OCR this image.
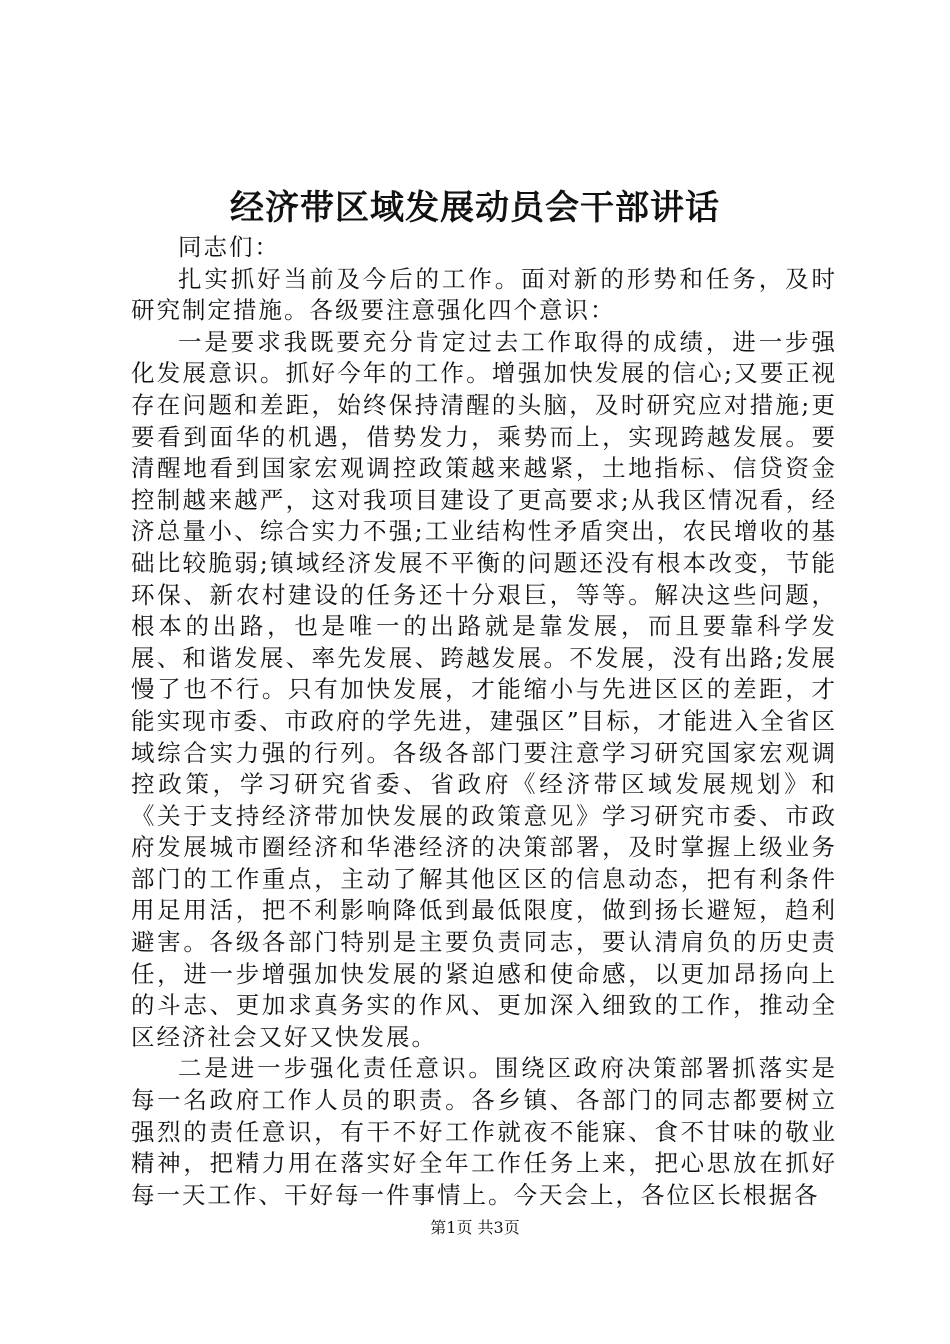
经济带区域发展动员会干部讲话

同志们：

扎实抓好当前及今后的工作。面对新的形势和任务，及时研究制定措施。各级要注意强化四个意识：

一是要求我既要充分肯定过去工作取得的成绩，进一步强化发展意识。抓好今年的工作。增强加快发展的信心;又要正视存在问题和差距，始终保持清醒的头脑，及时研究应对措施;更要看到面华的机遇，借势发力，乘势而上，实现跨越发展。要清醒地看到国家宏观调控政策越来越紧，土地指标、信贷资金控制越来越严，这对我项目建设了更高要求;从我区情况看，经济总量小、综合实力不强;工业结构性矛盾突出，农民增收的基础比较脆弱;镇域经济发展不平衡的问题还没有根本改变，节能环保、新农村建设的任务还十分艰巨，等等。解决这些问题，根本的出路，也是唯一的出路就是靠发展，而且要靠科学发展、和谐发展、率先发展、跨越发展。不发展，没有出路;发展慢了也不行。只有加快发展，才能缩小与先进区区的差距，才能实现市委、市政府的学先进，建强区”目标，才能进入全省区域综合实力强的行列。各级各部门要注意学习研究国家宏观调控政策，学习研究省委、省政府《经济带区域发展规划》和《关于支持经济带加快发展的政策意见》学习研究市委、市政府发展城市圈经济和华港经济的决策部署，及时掌握上级业务部门的工作重点，主动了解其他区区的信息动态，把有利条件用足用活，把不利影响降低到最低限度，做到扬长避短，趋利避害。各级各部门特别是主要负责同志，要认清肩负的历史责任，进一步增强加快发展的紧迫感和使命感，以更加昂扬向上的斗志、更加求真务实的作风、更加深入细致的工作，推动全区经济社会又好又快发展。

二是进一步强化责任意识。围绕区政府决策部署抓落实是每一名政府工作人员的职责。各乡镇、各部门的同志都要树立强烈的责任意识，有干不好工作就夜不能寐、食不甘味的敬业精神，把精力用在落实好全年工作任务上来，把心思放在抓好每一天工作、干好每一件事情上。今天会上，各位区长根据各

第1页 共3页
